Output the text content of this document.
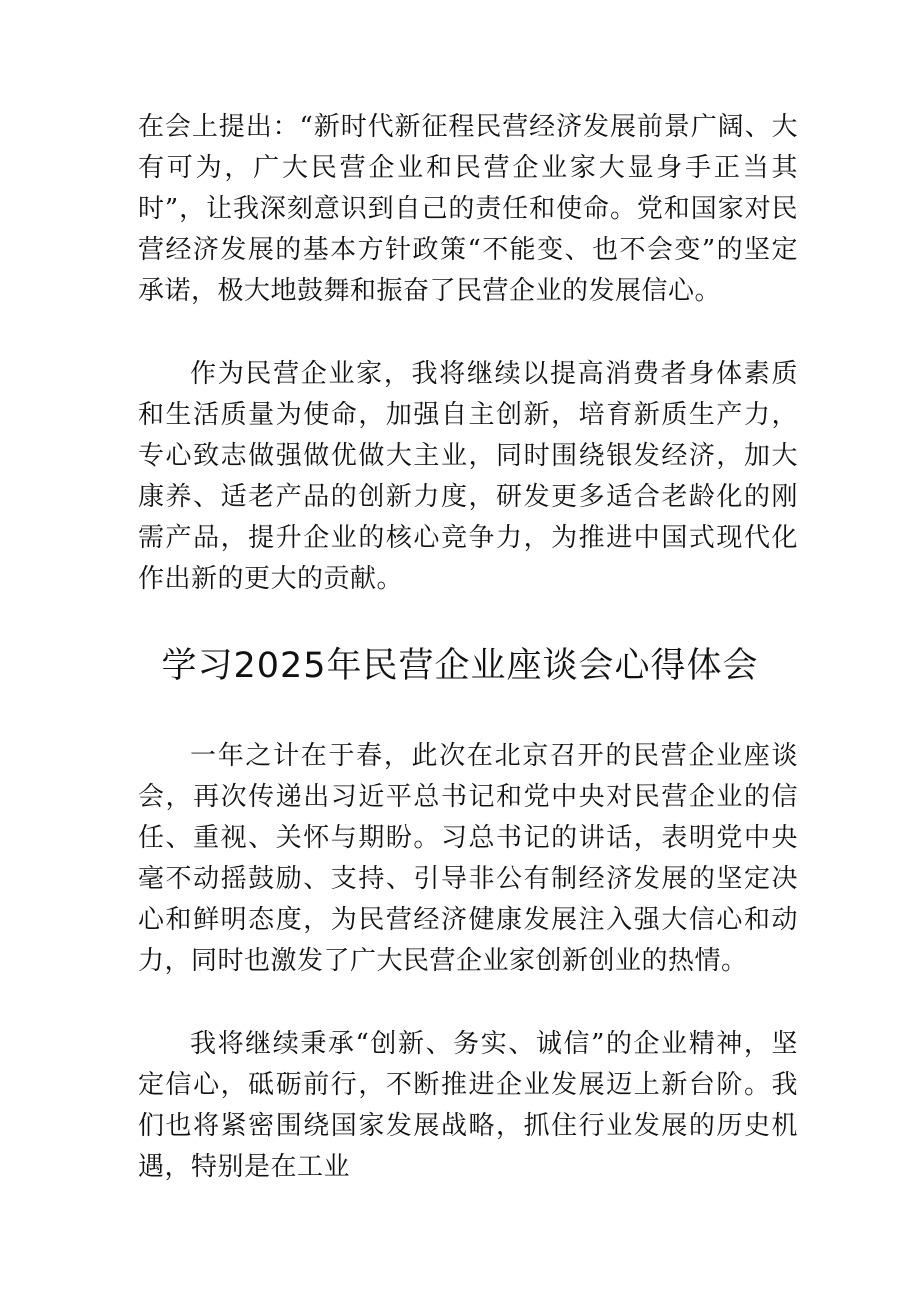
在会上提出：“新时代新征程民营经济发展前景广阔、大有可为，广大民营企业和民营企业家大显身手正当其时”，让我深刻意识到自己的责任和使命。党和国家对民营经济发展的基本方针政策“不能变、也不会变”的坚定承诺，极大地鼓舞和振奋了民营企业的发展信心。

作为民营企业家，我将继续以提高消费者身体素质和生活质量为使命，加强自主创新，培育新质生产力，专心致志做强做优做大主业，同时围绕银发经济，加大康养、适老产品的创新力度，研发更多适合老龄化的刚需产品，提升企业的核心竞争力，为推进中国式现代化作出新的更大的贡献。

学习2025年民营企业座谈会心得体会

一年之计在于春，此次在北京召开的民营企业座谈会，再次传递出习近平总书记和党中央对民营企业的信任、重视、关怀与期盼。习总书记的讲话，表明党中央毫不动摇鼓励、支持、引导非公有制经济发展的坚定决心和鲜明态度，为民营经济健康发展注入强大信心和动力，同时也激发了广大民营企业家创新创业的热情。

我将继续秉承“创新、务实、诚信”的企业精神，坚定信心，砥砺前行，不断推进企业发展迈上新台阶。我们也将紧密围绕国家发展战略，抓住行业发展的历史机遇，特别是在工业
